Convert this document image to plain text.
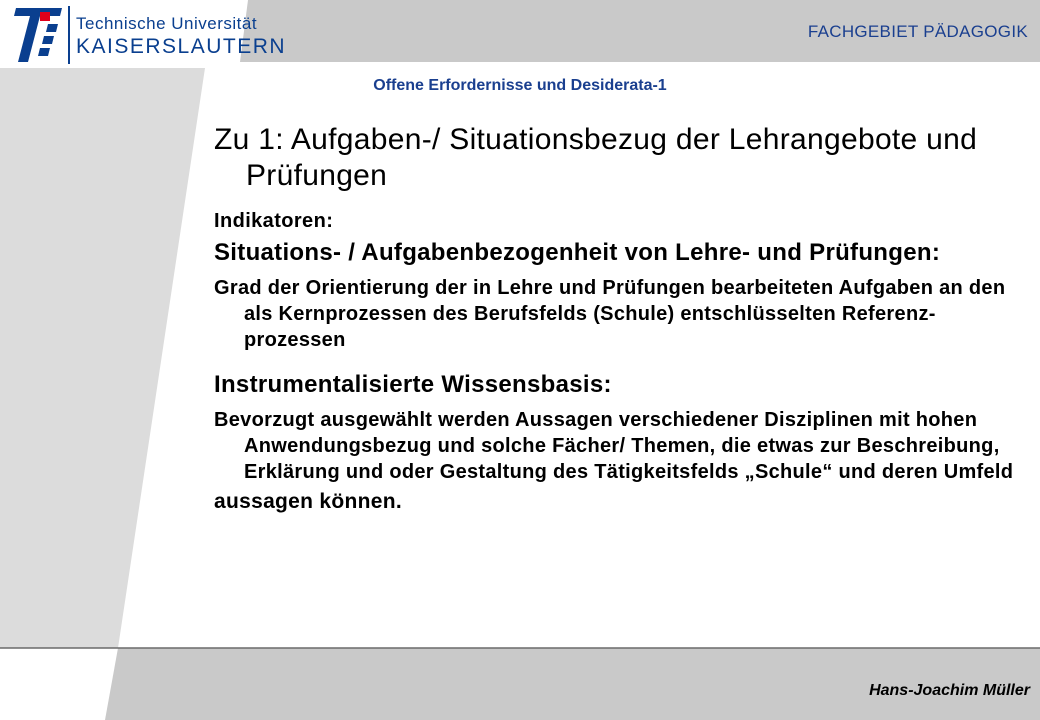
Technische Universität
KAISERSLAUTERN
FACHGEBIET PÄDAGOGIK
Offene Erfordernisse und Desiderata-1
Zu 1: Aufgaben-/ Situationsbezug der Lehrangebote und Prüfungen
Indikatoren:
Situations- / Aufgabenbezogenheit von Lehre- und Prüfungen:
Grad der Orientierung der in Lehre und Prüfungen bearbeiteten Aufgaben an den als Kernprozessen des Berufsfelds (Schule) entschlüsselten Referenz-prozessen
Instrumentalisierte Wissensbasis:
Bevorzugt ausgewählt werden Aussagen verschiedener Disziplinen mit hohen Anwendungsbezug und solche Fächer/ Themen, die etwas zur Beschreibung, Erklärung und oder Gestaltung des Tätigkeitsfelds „Schule“ und deren Umfeld
aussagen können.
Hans-Joachim Müller
